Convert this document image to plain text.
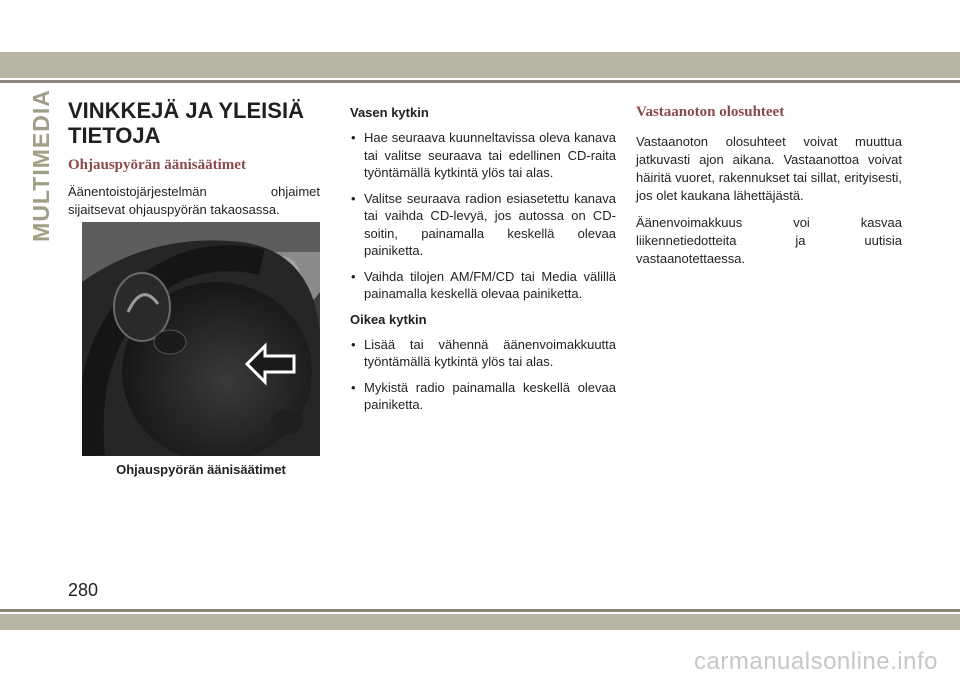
MULTIMEDIA VINKKEJÄ JA YLEISIÄ TIETOJA
Ohjauspyörän äänisäätimet

Äänentoistojärjestelmän ohjaimet sijaitsevat ohjauspyörän takaosassa.

Ohjauspyörän äänisäätimet

Vasen kytkin

• Hae seuraava kuunneltavissa oleva kanava tai valitse seuraava tai edellinen CD-raita työntämällä kytkintä ylös tai alas.
• Valitse seuraava radion esiasetettu kanava tai vaihda CD-levyä, jos autossa on CD-soitin, painamalla keskellä olevaa painiketta.
• Vaihda tilojen AM/FM/CD tai Media välillä painamalla keskellä olevaa painiketta.

Oikea kytkin

• Lisää tai vähennä äänenvoimakkuutta työntämällä kytkintä ylös tai alas.
• Mykistä radio painamalla keskellä olevaa painiketta.
Vastaanoton olosuhteet

Vastaanoton olosuhteet voivat muuttua jatkuvasti ajon aikana. Vastaanottoa voivat häiritä vuoret, rakennukset tai sillat, erityisesti, jos olet kaukana lähettäjästä.

Äänenvoimakkuus voi kasvaa liikennetiedotteita ja uutisia vastaanotettaessa.

280
carmanualsonline.info
